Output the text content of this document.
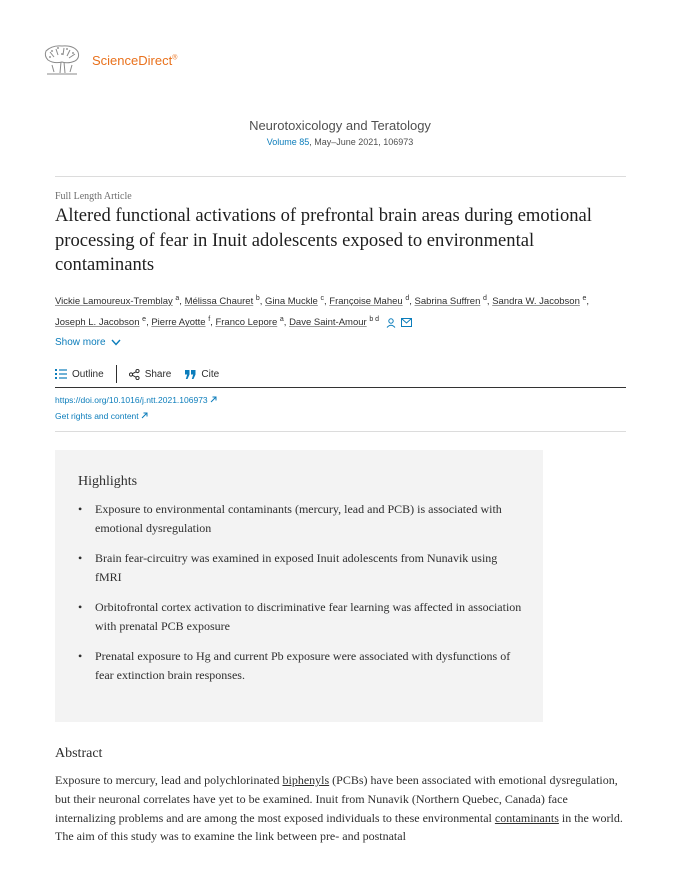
ScienceDirect®
Neurotoxicology and Teratology
Volume 85, May–June 2021, 106973
Full Length Article
Altered functional activations of prefrontal brain areas during emotional processing of fear in Inuit adolescents exposed to environmental contaminants
Vickie Lamoureux-Tremblay $^a$, Mélissa Chauret $^b$, Gina Muckle $^c$, Françoise Maheu $^d$, Sabrina Suffren $^d$, Sandra W. Jacobson $^e$, Joseph L. Jacobson $^e$, Pierre Ayotte $^f$, Franco Lepore $^a$, Dave Saint-Amour $^{b d}$
Show more
Outline	Share	Cite
https://doi.org/10.1016/j.ntt.2021.106973
Get rights and content
Highlights
• Exposure to environmental contaminants (mercury, lead and PCB) is associated with emotional dysregulation
• Brain fear-circuitry was examined in exposed Inuit adolescents from Nunavik using fMRI
• Orbitofrontal cortex activation to discriminative fear learning was affected in association with prenatal PCB exposure
• Prenatal exposure to Hg and current Pb exposure were associated with dysfunctions of fear extinction brain responses.
Abstract

Exposure to mercury, lead and polychlorinated biphenyls (PCBs) have been associated with emotional dysregulation, but their neuronal correlates have yet to be examined. Inuit from Nunavik (Northern Quebec, Canada) face internalizing problems and are among the most exposed individuals to these environmental contaminants in the world. The aim of this study was to examine the link between pre- and postnatal
